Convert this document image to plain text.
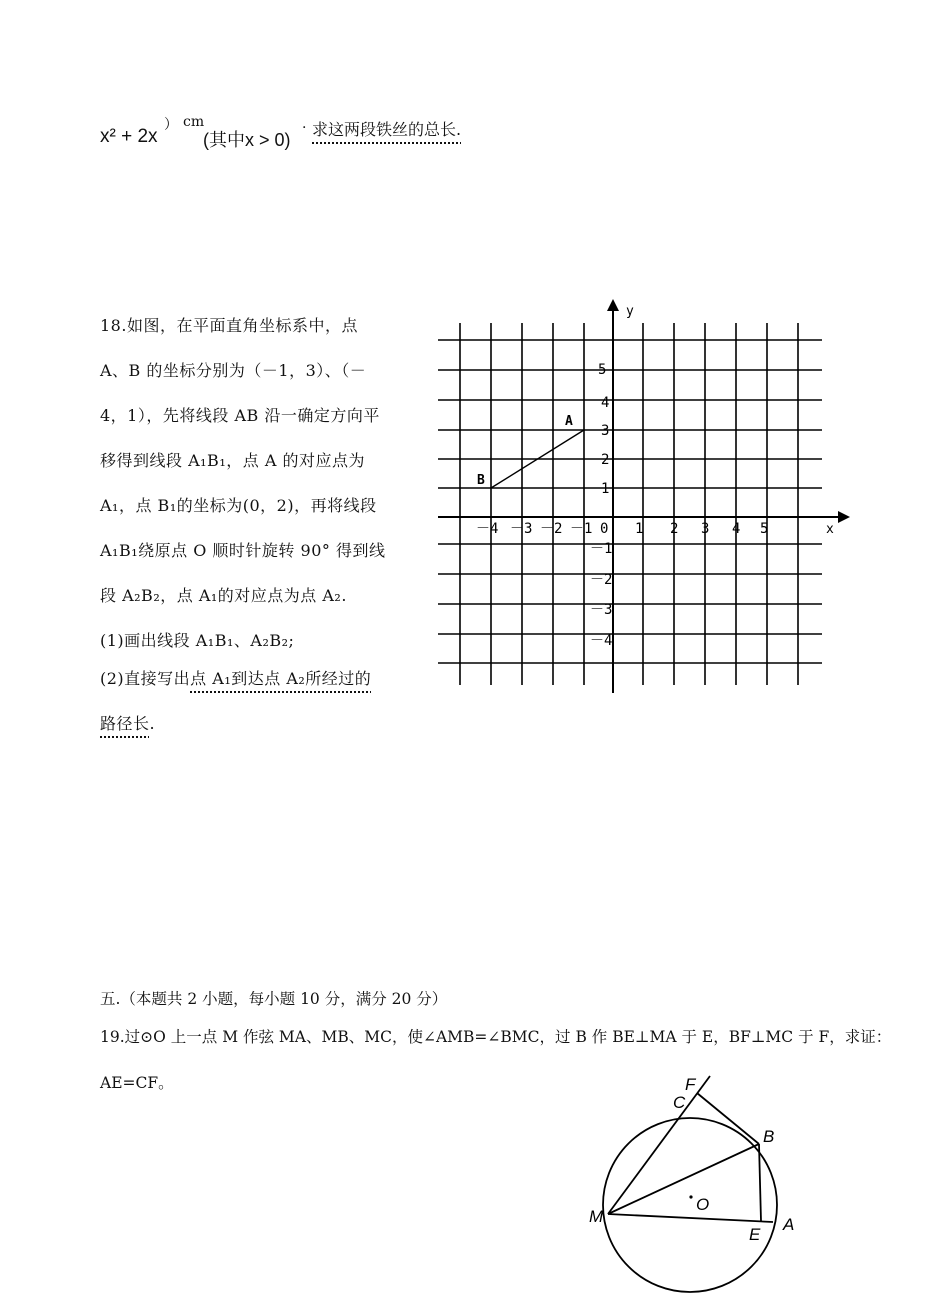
x² + 2x
） cm
(其中x > 0)
· 求这两段铁丝的总长.
18.如图，在平面直角坐标系中，点
A、B 的坐标分别为（－1，3）、（－
4，1），先将线段 AB 沿一确定方向平
移得到线段 A₁B₁，点 A 的对应点为
A₁，点 B₁的坐标为(0，2)，再将线段
A₁B₁绕原点 O 顺时针旋转 90° 得到线
段 A₂B₂，点 A₁的对应点为点 A₂.
(1)画出线段 A₁B₁、A₂B₂;
(2)直接写出点 A₁到达点 A₂所经过的
路径长.
y
x
－4 －3 －2 －1 0 1 2 3 4 5
1
2
3
4
5
－1
－2
－3
－4
A
B
五.（本题共 2 小题，每小题 10 分，满分 20 分）
19.过⊙O 上一点 M 作弦 MA、MB、MC，使∠AMB=∠BMC，过 B 作 BE⊥MA 于 E，BF⊥MC 于 F，求证：
AE=CF。	F
C
B
M
O
E
A
